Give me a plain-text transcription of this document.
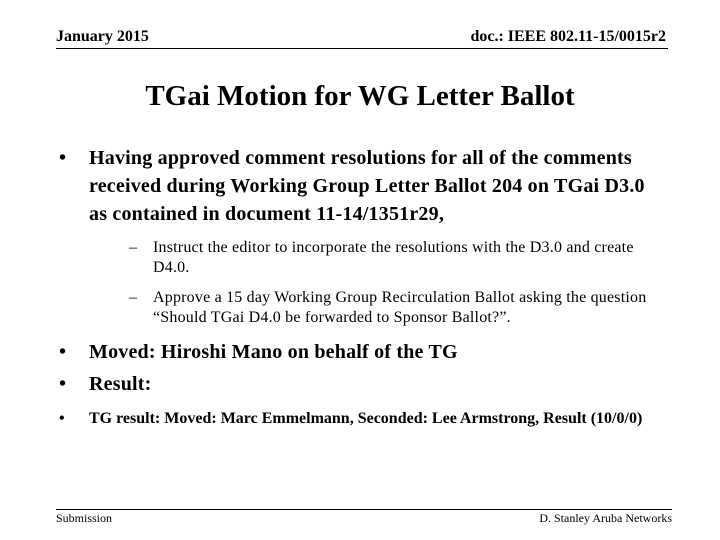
January 2015	doc.: IEEE 802.11-15/0015r2
TGai Motion for WG Letter Ballot
• Having approved comment resolutions for all of the comments received during Working Group Letter Ballot 204 on TGai D3.0 as contained in document 11-14/1351r29,
– Instruct the editor to incorporate the resolutions with the D3.0 and create D4.0.
– Approve a 15 day Working Group Recirculation Ballot asking the question “Should TGai D4.0 be forwarded to Sponsor Ballot?”.
• Moved: Hiroshi Mano on behalf of the TG
• Result:
• TG result: Moved: Marc Emmelmann, Seconded: Lee Armstrong, Result (10/0/0)
Submission	D. Stanley Aruba Networks
